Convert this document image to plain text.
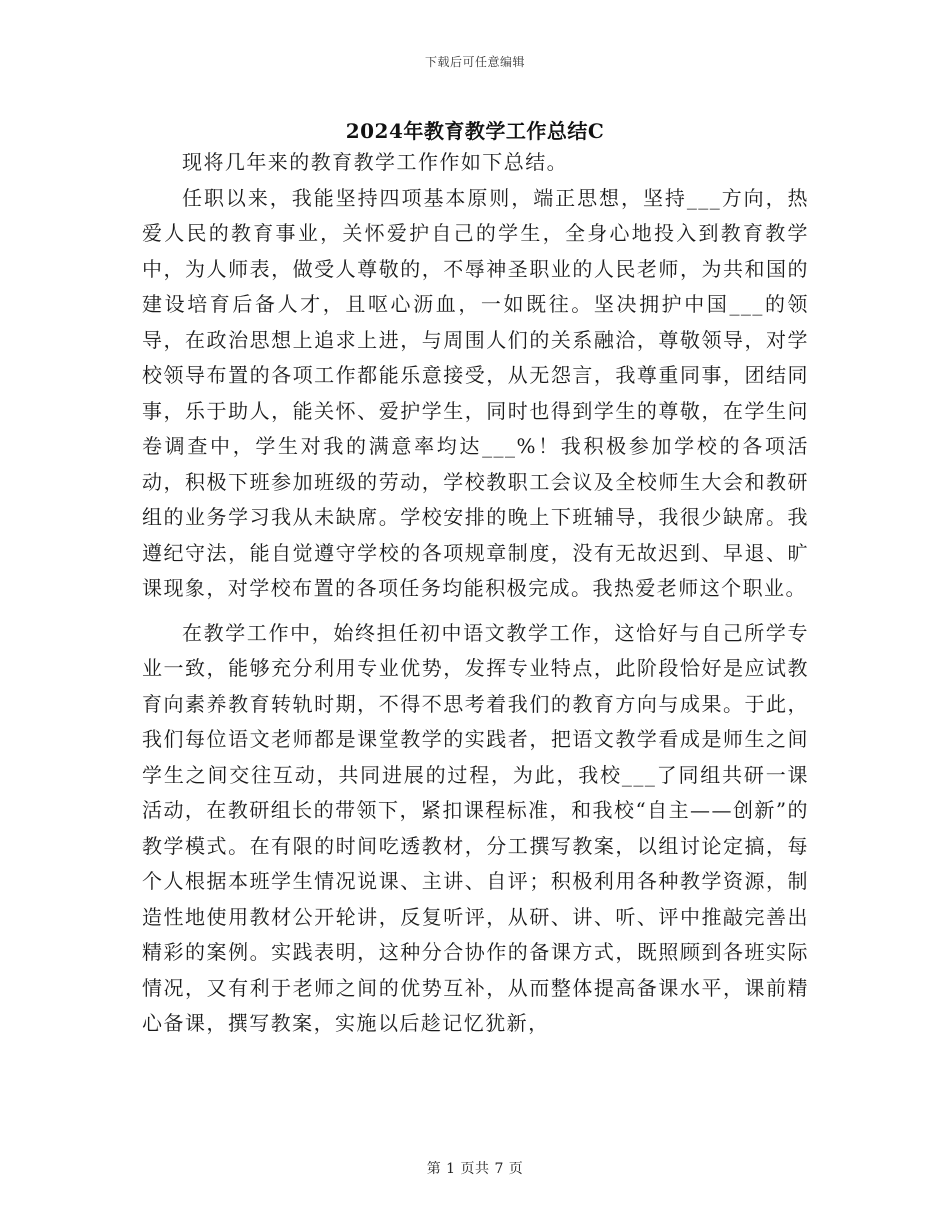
下载后可任意编辑
2024年教育教学工作总结C

现将几年来的教育教学工作作如下总结。

任职以来，我能坚持四项基本原则，端正思想，坚持___方向，热爱人民的教育事业，关怀爱护自己的学生，全身心地投入到教育教学中，为人师表，做受人尊敬的，不辱神圣职业的人民老师，为共和国的建设培育后备人才，且呕心沥血，一如既往。坚决拥护中国___的领导，在政治思想上追求上进，与周围人们的关系融洽，尊敬领导，对学校领导布置的各项工作都能乐意接受，从无怨言，我尊重同事，团结同事，乐于助人，能关怀、爱护学生，同时也得到学生的尊敬，在学生问卷调查中，学生对我的满意率均达___%！我积极参加学校的各项活动，积极下班参加班级的劳动，学校教职工会议及全校师生大会和教研组的业务学习我从未缺席。学校安排的晚上下班辅导，我很少缺席。我遵纪守法，能自觉遵守学校的各项规章制度，没有无故迟到、早退、旷课现象，对学校布置的各项任务均能积极完成。我热爱老师这个职业。

在教学工作中，始终担任初中语文教学工作，这恰好与自己所学专业一致，能够充分利用专业优势，发挥专业特点，此阶段恰好是应试教育向素养教育转轨时期，不得不思考着我们的教育方向与成果。于此，我们每位语文老师都是课堂教学的实践者，把语文教学看成是师生之间学生之间交往互动，共同进展的过程，为此，我校___了同组共研一课活动，在教研组长的带领下，紧扣课程标准，和我校“自主——创新”的教学模式。在有限的时间吃透教材，分工撰写教案，以组讨论定搞，每个人根据本班学生情况说课、主讲、自评；积极利用各种教学资源，制造性地使用教材公开轮讲，反复听评，从研、讲、听、评中推敲完善出精彩的案例。实践表明，这种分合协作的备课方式，既照顾到各班实际情况，又有利于老师之间的优势互补，从而整体提高备课水平，课前精心备课，撰写教案，实施以后趁记忆犹新，

第 1 页共 7 页
